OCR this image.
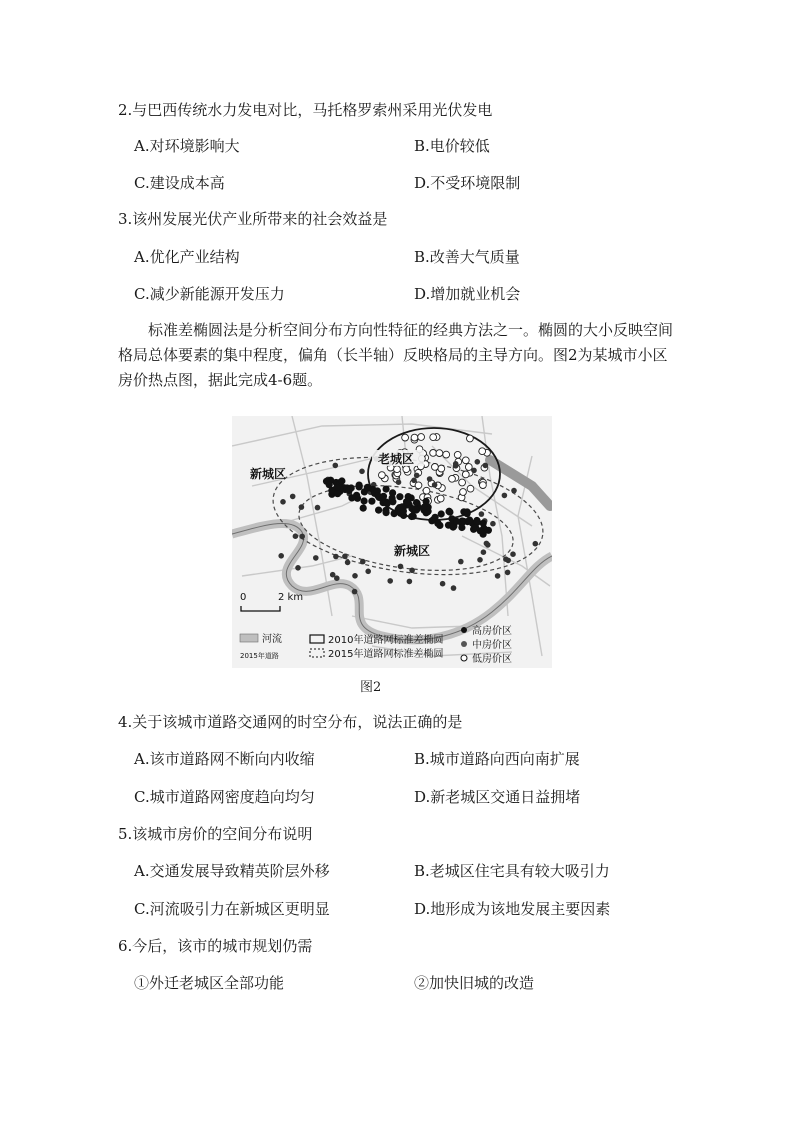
2.与巴西传统水力发电对比，马托格罗索州采用光伏发电
A.对环境影响大	B.电价较低
C.建设成本高	D.不受环境限制
3.该州发展光伏产业所带来的社会效益是
A.优化产业结构	B.改善大气质量
C.减少新能源开发压力	D.增加就业机会
标准差椭圆法是分析空间分布方向性特征的经典方法之一。椭圆的大小反映空间格局总体要素的集中程度，偏角（长半轴）反映格局的主导方向。图2为某城市小区房价热点图，据此完成4-6题。
老城区
新城区
新城区
0	2 km
河流
2015年道路
2010年道路网标准差椭圆
2015年道路网标准差椭圆
高房价区
中房价区
低房价区
图2
4.关于该城市道路交通网的时空分布，说法正确的是
A.该市道路网不断向内收缩	B.城市道路向西向南扩展
C.城市道路网密度趋向均匀	D.新老城区交通日益拥堵
5.该城市房价的空间分布说明
A.交通发展导致精英阶层外移	B.老城区住宅具有较大吸引力
C.河流吸引力在新城区更明显	D.地形成为该地发展主要因素
6.今后，该市的城市规划仍需
①外迁老城区全部功能	②加快旧城的改造
